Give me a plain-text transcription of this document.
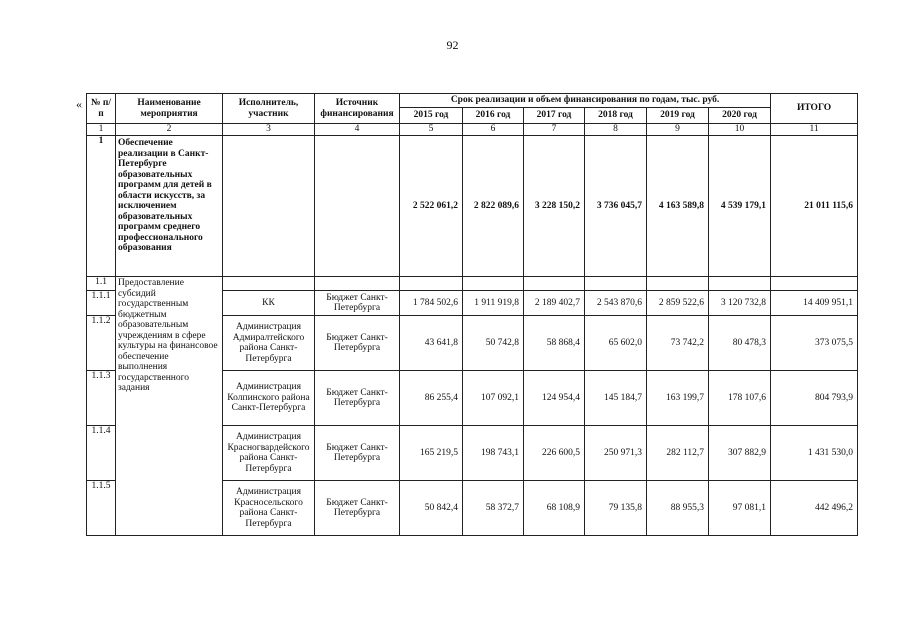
92
« № п/п	Наименование мероприятия	Исполнитель, участник	Источник финансирования	Срок реализации и объем финансирования по годам, тыс. руб.						ИТОГО
				2015 год	2016 год	2017 год	2018 год	2019 год	2020 год	
1	2	3	4	5	6	7	8	9	10	11
1	Обеспечение реализации в Санкт-Петербурге образовательных программ для детей в области искусств, за исключением образовательных программ среднего профессионального образования			2 522 061,2	2 822 089,6	3 228 150,2	3 736 045,7	4 163 589,8	4 539 179,1	21 011 115,6
1.1	Предоставление субсидий государственным бюджетным образовательным учреждениям в сфере культуры на финансовое обеспечение выполнения государственного задания									
1.1.1		КК	Бюджет Санкт-Петербурга	1 784 502,6	1 911 919,8	2 189 402,7	2 543 870,6	2 859 522,6	3 120 732,8	14 409 951,1
1.1.2		Администрация Адмиралтейского района Санкт-Петербурга	Бюджет Санкт-Петербурга	43 641,8	50 742,8	58 868,4	65 602,0	73 742,2	80 478,3	373 075,5
1.1.3		Администрация Колпинского района Санкт-Петербурга	Бюджет Санкт-Петербурга	86 255,4	107 092,1	124 954,4	145 184,7	163 199,7	178 107,6	804 793,9
1.1.4		Администрация Красногвардейского района Санкт-Петербурга	Бюджет Санкт-Петербурга	165 219,5	198 743,1	226 600,5	250 971,3	282 112,7	307 882,9	1 431 530,0
1.1.5		Администрация Красносельского района Санкт-Петербурга	Бюджет Санкт-Петербурга	50 842,4	58 372,7	68 108,9	79 135,8	88 955,3	97 081,1	442 496,2
